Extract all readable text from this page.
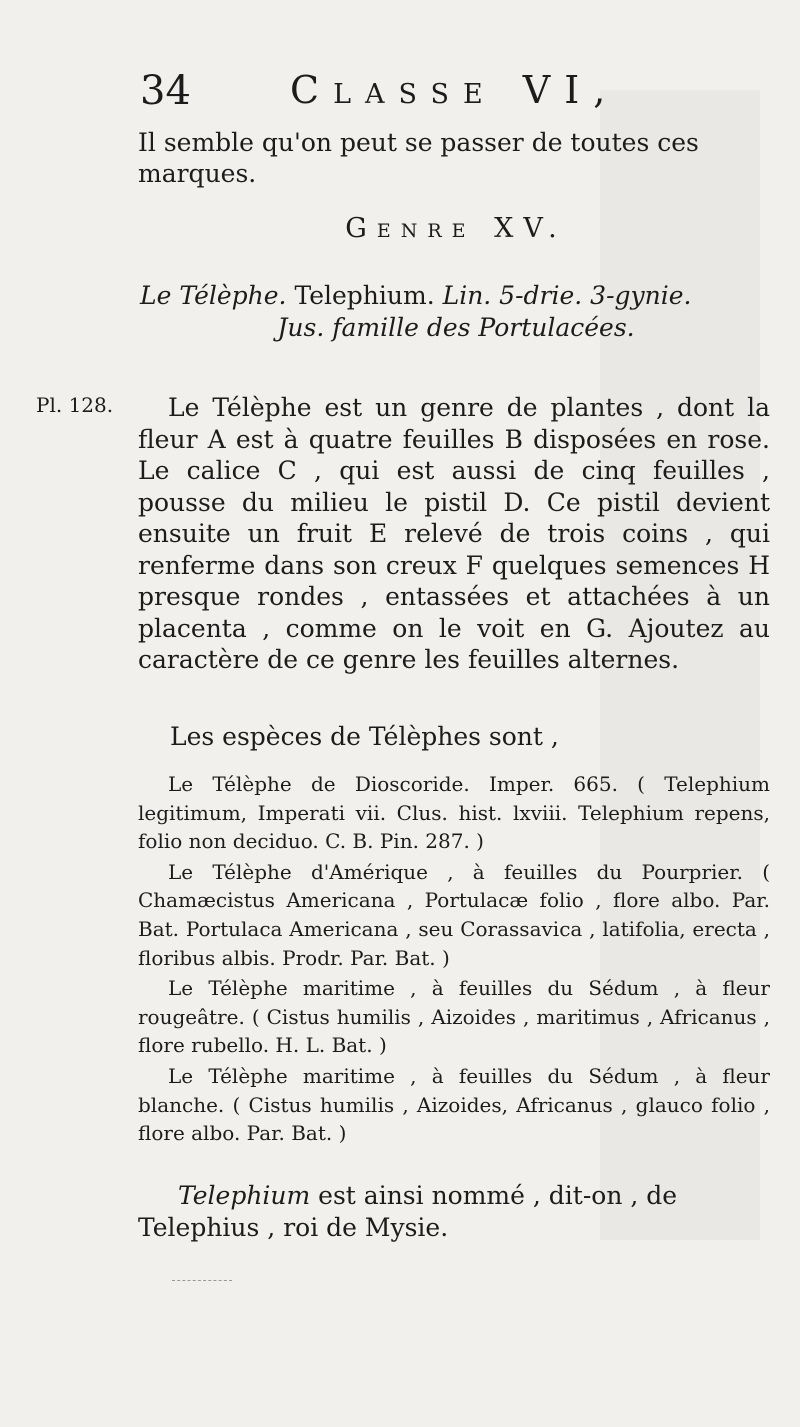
34	Classe VI,

Il semble qu'on peut se passer de toutes ces marques.

Genre XV.
Le Télèphe. Telephium. Lin. 5-drie. 3-gynie.
Jus. famille des Portulacées.
Pl. 128.	Le Télèphe est un genre de plantes , dont la fleur A est à quatre feuilles B disposées en rose. Le calice C , qui est aussi de cinq feuilles , pousse du milieu le pistil D. Ce pistil devient ensuite un fruit E relevé de trois coins , qui renferme dans son creux F quelques semences H presque rondes , entassées et attachées à un placenta , comme on le voit en G. Ajoutez au caractère de ce genre les feuilles alternes.

Les espèces de Télèphes sont ,

Le Télèphe de Dioscoride. Imper. 665. ( Telephium legitimum, Imperati vii. Clus. hist. lxviii. Telephium repens, folio non deciduo. C. B. Pin. 287. )

Le Télèphe d'Amérique , à feuilles du Pourprier. ( Chamæcistus Americana , Portulacæ folio , flore albo. Par. Bat. Portulaca Americana , seu Corassavica , latifolia, erecta , floribus albis. Prodr. Par. Bat. )

Le Télèphe maritime , à feuilles du Sédum , à fleur rougeâtre. ( Cistus humilis , Aizoides , maritimus , Africanus , flore rubello. H. L. Bat. )

Le Télèphe maritime , à feuilles du Sédum , à fleur blanche. ( Cistus humilis , Aizoides, Africanus , glauco folio , flore albo. Par. Bat. )

Telephium est ainsi nommé , dit-on , de Telephius , roi de Mysie.
